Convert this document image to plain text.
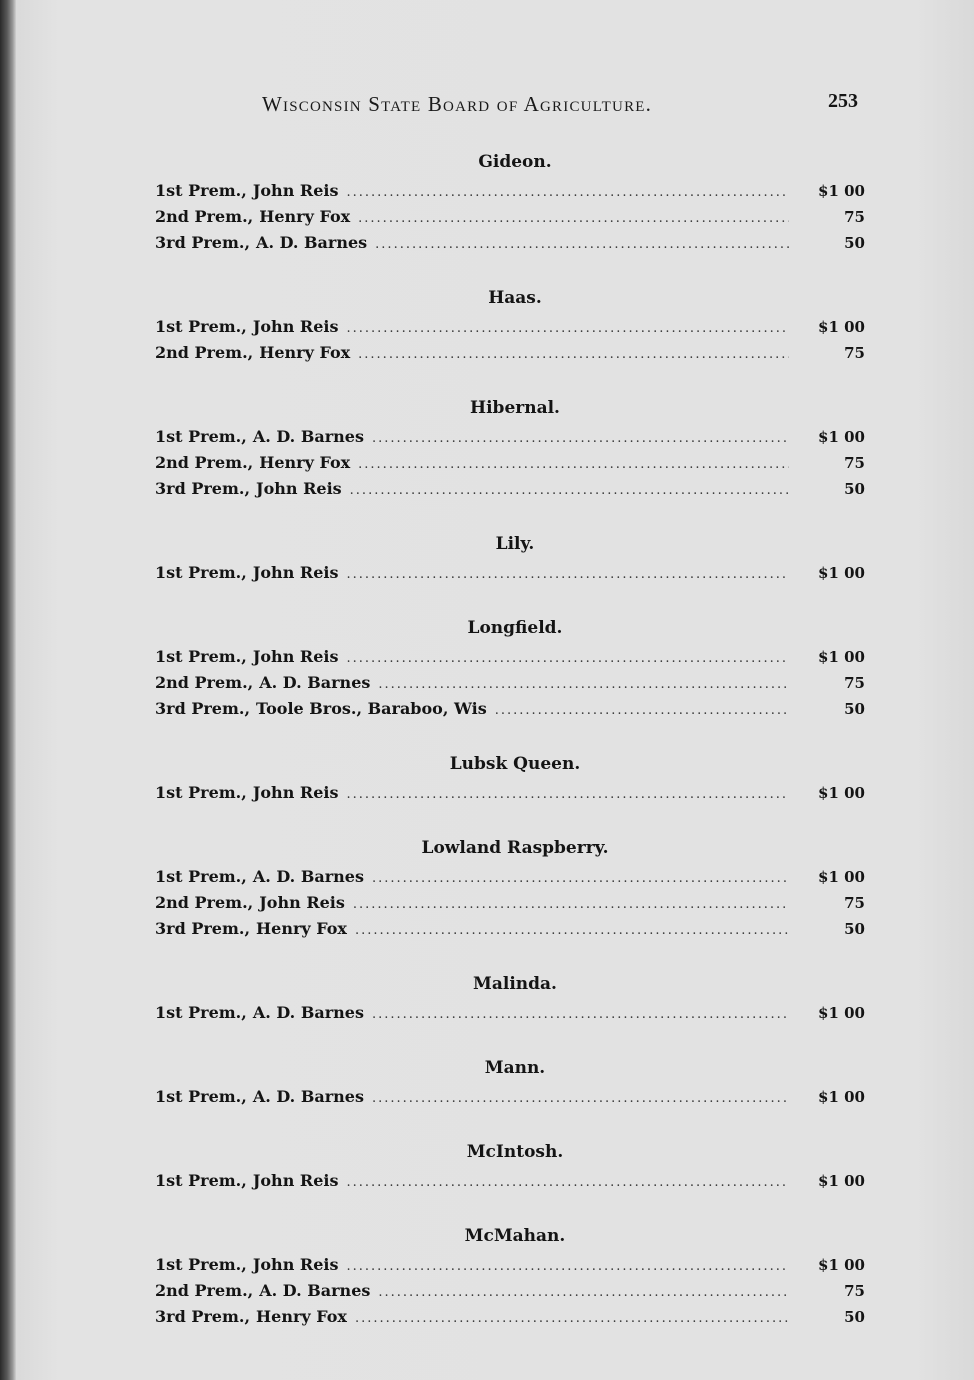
Wisconsin State Board of Agriculture.	253
Gideon.
1st Prem., John Reis .....	$1 00
2nd Prem., Henry Fox .....	75
3rd Prem., A. D. Barnes .....	50
Haas.
1st Prem., John Reis .....	$1 00
2nd Prem., Henry Fox .....	75
Hibernal.
1st Prem., A. D. Barnes .....	$1 00
2nd Prem., Henry Fox .....	75
3rd Prem., John Reis .....	50
Lily.
1st Prem., John Reis .....	$1 00
Longfield.
1st Prem., John Reis .....	$1 00
2nd Prem., A. D. Barnes .....	75
3rd Prem., Toole Bros., Baraboo, Wis .....	50
Lubsk Queen.
1st Prem., John Reis .....	$1 00
Lowland Raspberry.
1st Prem., A. D. Barnes .....	$1 00
2nd Prem., John Reis .....	75
3rd Prem., Henry Fox .....	50
Malinda.
1st Prem., A. D. Barnes .....	$1 00
Mann.
1st Prem., A. D. Barnes .....	$1 00
McIntosh.
1st Prem., John Reis .....	$1 00
McMahan.
1st Prem., John Reis .....	$1 00
2nd Prem., A. D. Barnes .....	75
3rd Prem., Henry Fox .....	50
